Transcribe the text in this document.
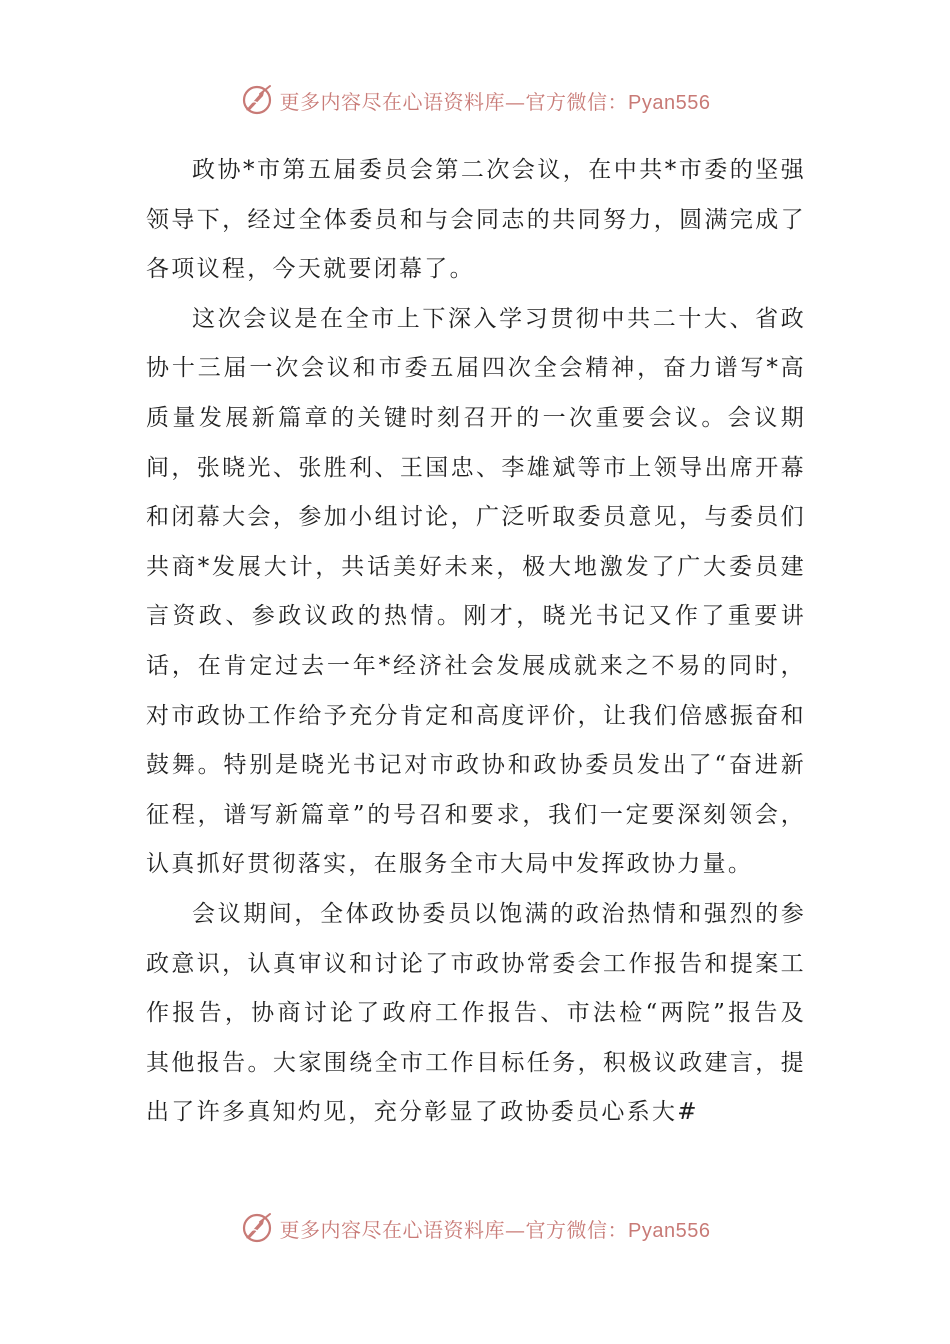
更多内容尽在心语资料库—官方微信：Pyan556

政协*市第五届委员会第二次会议，在中共*市委的坚强领导下，经过全体委员和与会同志的共同努力，圆满完成了各项议程，今天就要闭幕了。

这次会议是在全市上下深入学习贯彻中共二十大、省政协十三届一次会议和市委五届四次全会精神，奋力谱写*高质量发展新篇章的关键时刻召开的一次重要会议。会议期间，张晓光、张胜利、王国忠、李雄斌等市上领导出席开幕和闭幕大会，参加小组讨论，广泛听取委员意见，与委员们共商*发展大计，共话美好未来，极大地激发了广大委员建言资政、参政议政的热情。刚才，晓光书记又作了重要讲话，在肯定过去一年*经济社会发展成就来之不易的同时，对市政协工作给予充分肯定和高度评价，让我们倍感振奋和鼓舞。特别是晓光书记对市政协和政协委员发出了“奋进新征程，谱写新篇章”的号召和要求，我们一定要深刻领会，认真抓好贯彻落实，在服务全市大局中发挥政协力量。

会议期间，全体政协委员以饱满的政治热情和强烈的参政意识，认真审议和讨论了市政协常委会工作报告和提案工作报告，协商讨论了政府工作报告、市法检“两院”报告及其他报告。大家围绕全市工作目标任务，积极议政建言，提出了许多真知灼见，充分彰显了政协委员心系大#

更多内容尽在心语资料库—官方微信：Pyan556
